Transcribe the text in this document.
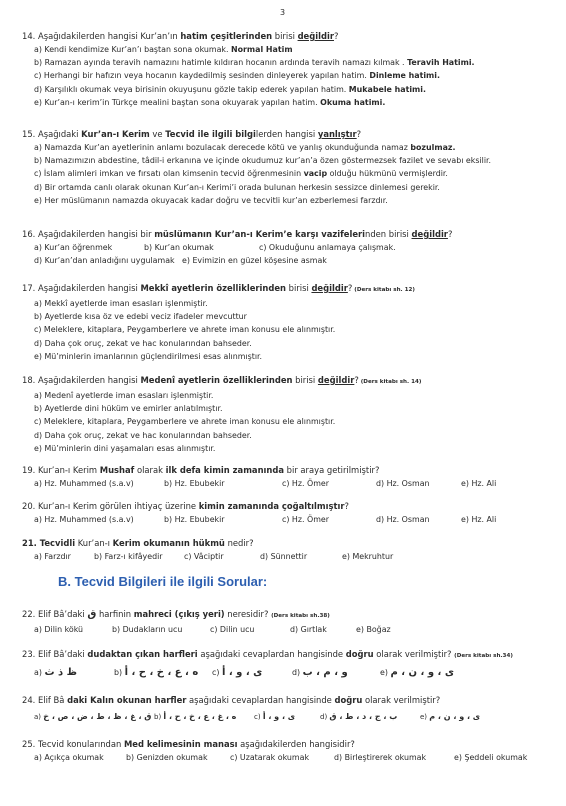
3
14. Aşağıdakilerden hangisi Kur’an’ın hatim çeşitlerinden birisi değildir?
a) Kendi kendimize Kur’an’ı baştan sona okumak. Normal Hatim
b) Ramazan ayında teravih namazını hatimle kıldıran hocanın ardında teravih namazı kılmak . Teravih Hatimi.
c) Herhangi bir hafızın veya hocanın kaydedilmiş sesinden dinleyerek yapılan hatim. Dinleme hatimi.
d) Karşılıklı okumak veya birisinin okuyuşunu gözle takip ederek yapılan hatim. Mukabele hatimi.
e) Kur’an-ı kerim’in Türkçe mealini baştan sona okuyarak yapılan hatim. Okuma hatimi.
15. Aşağıdaki Kur’an-ı Kerim ve Tecvid ile ilgili bilgilerden hangisi yanlıştır?
a) Namazda Kur’an ayetlerinin anlamı bozulacak derecede kötü ve yanlış okunduğunda namaz bozulmaz.
b) Namazımızın abdestine, tâdil-i erkanına ve içinde okudumuz kur’an’a özen göstermezsek fazilet ve sevabı eksilir.
c) İslam alimleri imkan ve fırsatı olan kimsenin tecvid öğrenmesinin vacip olduğu hükmünü vermişlerdir.
d) Bir ortamda canlı olarak okunan Kur’an-ı Kerimi’i orada bulunan herkesin sessizce dinlemesi gerekir.
e) Her müslümanın namazda okuyacak kadar doğru ve tecvitli kur’an ezberlemesi farzdır.
16. Aşağıdakilerden hangisi bir müslümanın Kur’an-ı Kerim’e karşı vazifelerinden birisi değildir?
a) Kur’an öğrenmek	b) Kur’an okumak	c) Okuduğunu anlamaya çalışmak.
d) Kur’an’dan anladığını uygulamak e) Evimizin en güzel köşesine asmak
17. Aşağıdakilerden hangisi Mekkî ayetlerin özelliklerinden birisi değildir? (Ders kitabı sh. 12)
a) Mekkî ayetlerde iman esasları işlenmiştir.
b) Ayetlerde kısa öz ve edebi veciz ifadeler mevcuttur
c) Meleklere, kitaplara, Peygamberlere ve ahrete iman konusu ele alınmıştır.
d) Daha çok oruç, zekat ve hac konularından bahseder.
e) Mü’minlerin imanlarının güçlendirilmesi esas alınmıştır.
18. Aşağıdakilerden hangisi Medenî ayetlerin özelliklerinden birisi değildir? (Ders kitabı sh. 14)
a) Medenî ayetlerde iman esasları işlenmiştir.
b) Ayetlerde dini hüküm ve emirler anlatılmıştır.
c) Meleklere, kitaplara, Peygamberlere ve ahrete iman konusu ele alınmıştır.
d) Daha çok oruç, zekat ve hac konularından bahseder.
e) Mü’minlerin dini yaşamaları esas alınmıştır.
19. Kur’an-ı Kerim Mushaf olarak ilk defa kimin zamanında bir araya getirilmiştir?
a) Hz. Muhammed (s.a.v)	b) Hz. Ebubekir	c) Hz. Ömer	d) Hz. Osman	e) Hz. Ali
20. Kur’an-ı Kerim görülen ihtiyaç üzerine kimin zamanında çoğaltılmıştır?
a) Hz. Muhammed (s.a.v)	b) Hz. Ebubekir	c) Hz. Ömer	d) Hz. Osman	e) Hz. Ali
21. Tecvidli Kur’an-ı Kerim okumanın hükmü nedir?
a) Farzdır	b) Farz-ı kifâyedir	c) Vâciptir	d) Sünnettir	e) Mekruhtur
B. Tecvid Bilgileri ile ilgili Sorular:
22. Elif Bâ’daki ق harfinin mahreci (çıkış yeri) neresidir? (Ders kitabı sh.38)
a) Dilin kökü	b) Dudakların ucu	c) Dilin ucu	d) Gırtlak	e) Boğaz
23. Elif Bâ’daki dudaktan çıkan harfleri aşağıdaki cevaplardan hangisinde doğru olarak verilmiştir? (Ders kitabı sh.34)
a) ظ ذ ث	b) ه ، ع ، خ ، ح ، أ	c) ى ، و ، أ	d) و ، م ، ب	e) ى ، و ، ن ، م
24. Elif Bâ daki Kalın okunan harfler aşağıdaki cevaplardan hangisinde doğru olarak verilmiştir?
a) ق ، غ ، ظ ، ط ، ض ، ص ، خ b) ه ، غ ، ع ، خ ، ح ، أ	c) ى ، و ، أ	d) ب ، ج ، د ، ط ، ق	e) ى ، و ، ن ، م
25. Tecvid konularından Med kelimesinin manası aşağıdakilerden hangisidir?
a) Açıkça okumak	b) Genizden okumak	c) Uzatarak okumak	d) Birleştirerek okumak	e) Şeddeli okumak
